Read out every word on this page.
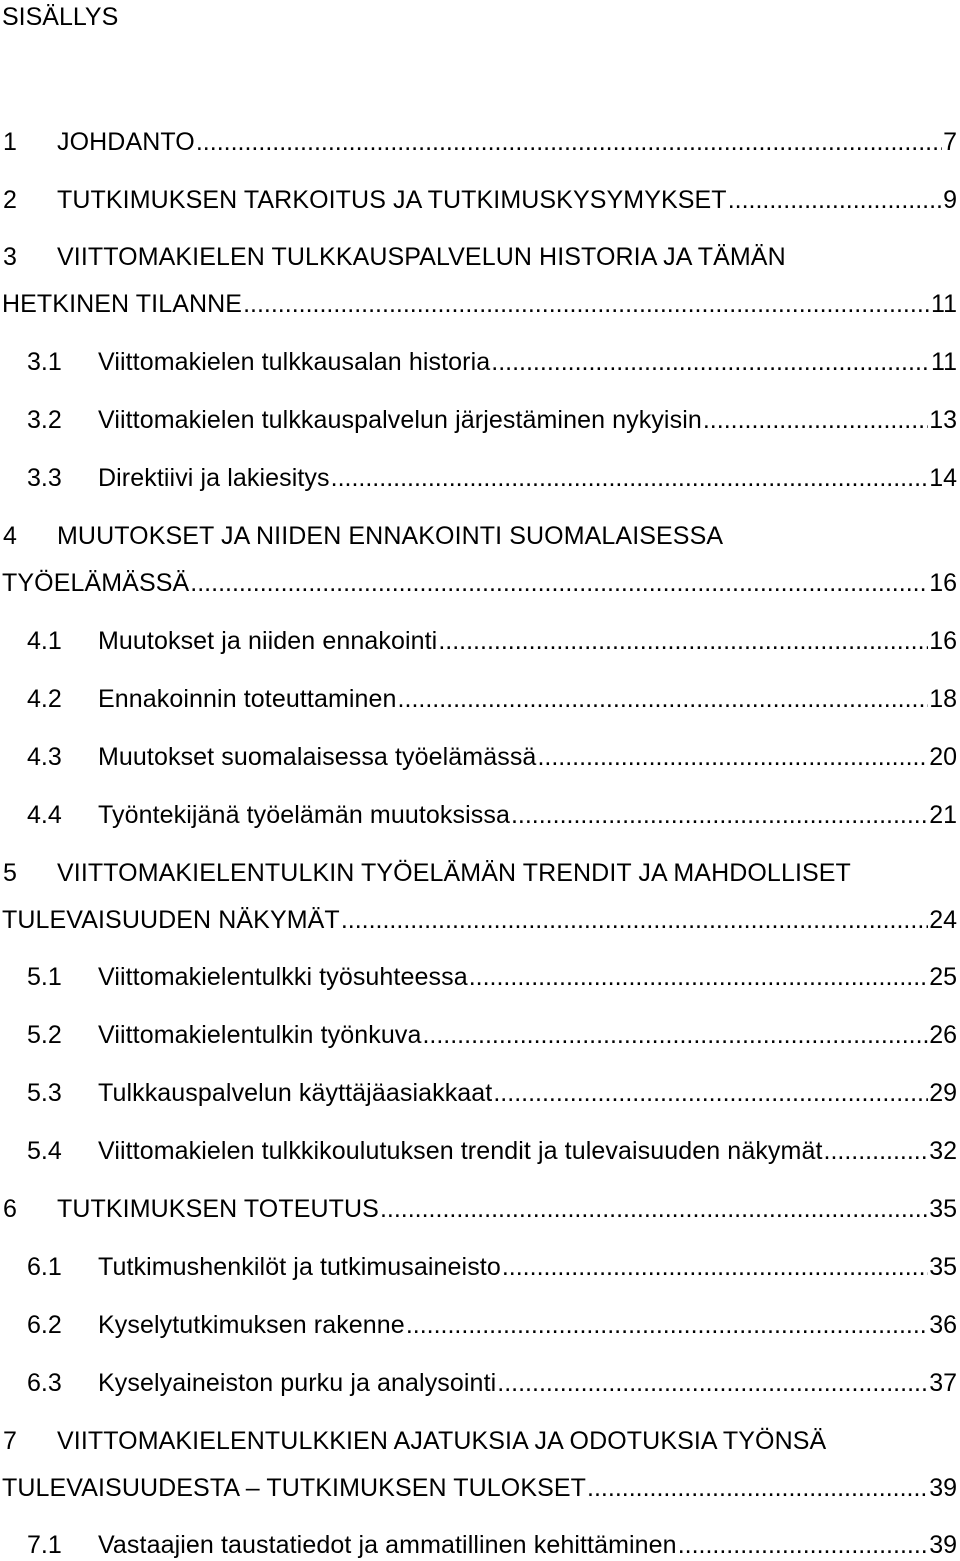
SISÄLLYS
1	JOHDANTO .....	7
2	TUTKIMUKSEN TARKOITUS JA TUTKIMUSKYSYMYKSET .....	9
3	VIITTOMAKIELEN TULKKAUSPALVELUN HISTORIA JA TÄMÄN
HETKINEN TILANNE .....	11
3.1	Viittomakielen tulkkausalan historia .....	11
3.2	Viittomakielen tulkkauspalvelun järjestäminen nykyisin .....	13
3.3	Direktiivi ja lakiesitys .....	14
4	MUUTOKSET JA NIIDEN ENNAKOINTI SUOMALAISESSA
TYÖELÄMÄSSÄ .....	16
4.1	Muutokset ja niiden ennakointi .....	16
4.2	Ennakoinnin toteuttaminen .....	18
4.3	Muutokset suomalaisessa työelämässä .....	20
4.4	Työntekijänä työelämän muutoksissa .....	21
5	VIITTOMAKIELENTULKIN TYÖELÄMÄN TRENDIT JA MAHDOLLISET
TULEVAISUUDEN NÄKYMÄT .....	24
5.1	Viittomakielentulkki työsuhteessa .....	25
5.2	Viittomakielentulkin työnkuva .....	26
5.3	Tulkkauspalvelun käyttäjäasiakkaat .....	29
5.4	Viittomakielen tulkkikoulutuksen trendit ja tulevaisuuden näkymät .....	32
6	TUTKIMUKSEN TOTEUTUS .....	35
6.1	Tutkimushenkilöt ja tutkimusaineisto .....	35
6.2	Kyselytutkimuksen rakenne .....	36
6.3	Kyselyaineiston purku ja analysointi .....	37
7	VIITTOMAKIELENTULKKIEN AJATUKSIA JA ODOTUKSIA TYÖNSÄ
TULEVAISUUDESTA – TUTKIMUKSEN TULOKSET .....	39
7.1	Vastaajien taustatiedot ja ammatillinen kehittäminen .....	39
